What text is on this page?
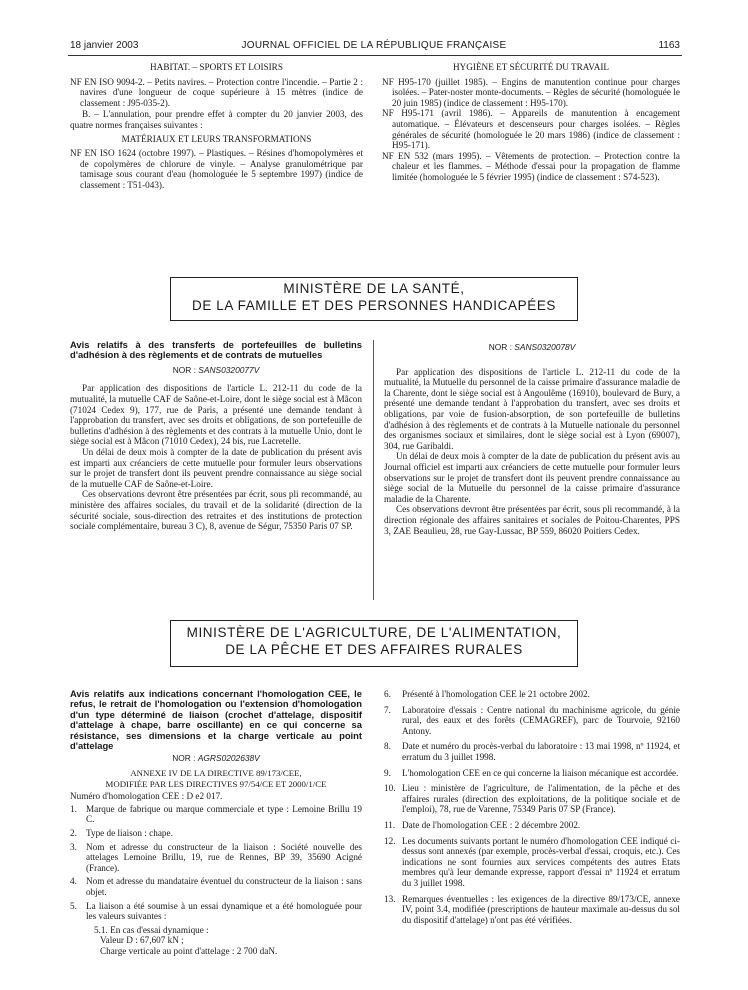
18 janvier 2003	JOURNAL OFFICIEL DE LA RÉPUBLIQUE FRANÇAISE	1163
HABITAT. – SPORTS ET LOISIRS

NF EN ISO 9094-2. – Petits navires. – Protection contre l'incendie. – Partie 2 : navires d'une longueur de coque supérieure à 15 mètres (indice de classement : J95-035-2).

B. – L'annulation, pour prendre effet à compter du 20 janvier 2003, des quatre normes françaises suivantes :

MATÉRIAUX ET LEURS TRANSFORMATIONS

NF EN ISO 1624 (octobre 1997). – Plastiques. – Résines d'homopolymères et de copolymères de chlorure de vinyle. – Analyse granulométrique par tamisage sous courant d'eau (homologuée le 5 septembre 1997) (indice de classement : T51-043).

HYGIÈNE ET SÉCURITÉ DU TRAVAIL

NF H95-170 (juillet 1985). – Engins de manutention continue pour charges isolées. – Pater-noster monte-documents. – Règles de sécurité (homologuée le 20 juin 1985) (indice de classement : H95-170).

NF H95-171 (avril 1986). – Appareils de manutention à encagement automatique. – Élévateurs et descenseurs pour charges isolées. – Règles générales de sécurité (homologuée le 20 mars 1986) (indice de classement : H95-171).

NF EN 532 (mars 1995). – Vêtements de protection. – Protection contre la chaleur et les flammes. – Méthode d'essai pour la propagation de flamme limitée (homologuée le 5 février 1995) (indice de classement : S74-523).

MINISTÈRE DE LA SANTÉ,
DE LA FAMILLE ET DES PERSONNES HANDICAPÉES
Avis relatifs à des transferts de portefeuilles de bulletins d'adhésion à des règlements et de contrats de mutuelles
NOR : SANS0320077V

Par application des dispositions de l'article L. 212-11 du code de la mutualité, la mutuelle CAF de Saône-et-Loire, dont le siège social est à Mâcon (71024 Cedex 9), 177, rue de Paris, a présenté une demande tendant à l'approbation du transfert, avec ses droits et obligations, de son portefeuille de bulletins d'adhésion à des règlements et des contrats à la mutuelle Unio, dont le siège social est à Mâcon (71010 Cedex), 24 bis, rue Lacretelle.

Un délai de deux mois à compter de la date de publication du présent avis est imparti aux créanciers de cette mutuelle pour formuler leurs observations sur le projet de transfert dont ils peuvent prendre connaissance au siège social de la mutuelle CAF de Saône-et-Loire.

Ces observations devront être présentées par écrit, sous pli recommandé, au ministère des affaires sociales, du travail et de la solidarité (direction de la sécurité sociale, sous-direction des retraites et des institutions de protection sociale complémentaire, bureau 3 C), 8, avenue de Ségur, 75350 Paris 07 SP.

NOR : SANS0320078V

Par application des dispositions de l'article L. 212-11 du code de la mutualité, la Mutuelle du personnel de la caisse primaire d'assurance maladie de la Charente, dont le siège social est à Angoulême (16910), boulevard de Bury, a présenté une demande tendant à l'approbation du transfert, avec ses droits et obligations, par voie de fusion-absorption, de son portefeuille de bulletins d'adhésion à des règlements et de contrats à la Mutuelle nationale du personnel des organismes sociaux et similaires, dont le siège social est à Lyon (69007), 304, rue Garibaldi.

Un délai de deux mois à compter de la date de publication du présent avis au Journal officiel est imparti aux créanciers de cette mutuelle pour formuler leurs observations sur le projet de transfert dont ils peuvent prendre connaissance au siège social de la Mutuelle du personnel de la caisse primaire d'assurance maladie de la Charente.

Ces observations devront être présentées par écrit, sous pli recommandé, à la direction régionale des affaires sanitaires et sociales de Poitou-Charentes, PPS 3, ZAE Beaulieu, 28, rue Gay-Lussac, BP 559, 86020 Poitiers Cedex.

MINISTÈRE DE L'AGRICULTURE, DE L'ALIMENTATION,
DE LA PÊCHE ET DES AFFAIRES RURALES
Avis relatifs aux indications concernant l'homologation CEE, le refus, le retrait de l'homologation ou l'extension d'homologation d'un type déterminé de liaison (crochet d'attelage, dispositif d'attelage à chape, barre oscillante) en ce qui concerne sa résistance, ses dimensions et la charge verticale au point d'attelage
NOR : AGRS0202638V
ANNEXE IV DE LA DIRECTIVE 89/173/CEE,
MODIFIÉE PAR LES DIRECTIVES 97/54/CE ET 2000/1/CE

Numéro d'homologation CEE : D e2 017.

1. Marque de fabrique ou marque commerciale et type : Lemoine Brillu 19 C.
2. Type de liaison : chape.
3. Nom et adresse du constructeur de la liaison : Société nouvelle des attelages Lemoine Brillu, 19, rue de Rennes, BP 39, 35690 Acigné (France).
4. Nom et adresse du mandataire éventuel du constructeur de la liaison : sans objet.
5. La liaison a été soumise à un essai dynamique et a été homologuée pour les valeurs suivantes :

5.1. En cas d'essai dynamique :

Valeur D : 67,607 kN ;

Charge verticale au point d'attelage : 2 700 daN.

6. Présenté à l'homologation CEE le 21 octobre 2002.
7. Laboratoire d'essais : Centre national du machinisme agricole, du génie rural, des eaux et des forêts (CEMAGREF), parc de Tourvoie, 92160 Antony.
8. Date et numéro du procès-verbal du laboratoire : 13 mai 1998, nº 11924, et erratum du 3 juillet 1998.
9. L'homologation CEE en ce qui concerne la liaison mécanique est accordée.
10. Lieu : ministère de l'agriculture, de l'alimentation, de la pêche et des affaires rurales (direction des exploitations, de la politique sociale et de l'emploi), 78, rue de Varenne, 75349 Paris 07 SP (France).
11. Date de l'homologation CEE : 2 décembre 2002.
12. Les documents suivants portant le numéro d'homologation CEE indiqué ci-dessus sont annexés (par exemple, procès-verbal d'essai, croquis, etc.). Ces indications ne sont fournies aux services compétents des autres Etats membres qu'à leur demande expresse, rapport d'essai nº 11924 et erratum du 3 juillet 1998.
13. Remarques éventuelles : les exigences de la directive 89/173/CE, annexe IV, point 3.4, modifiée (prescriptions de hauteur maximale au-dessus du sol du dispositif d'attelage) n'ont pas été vérifiées.
